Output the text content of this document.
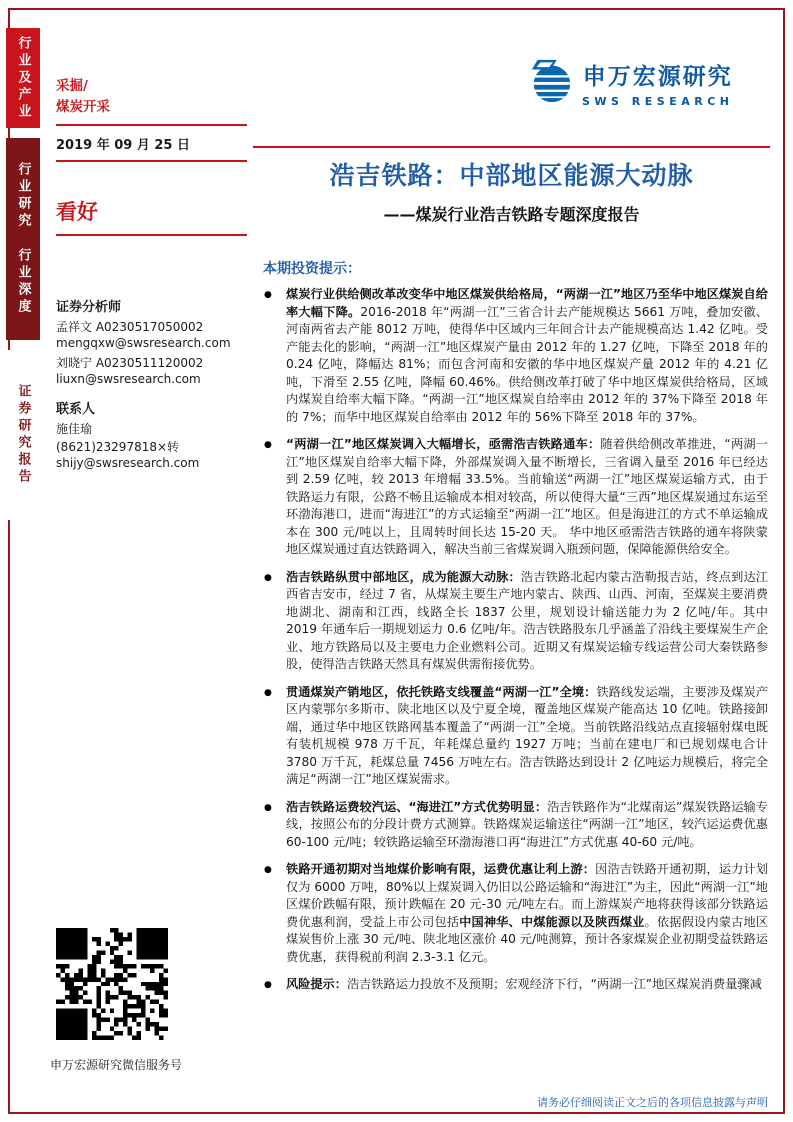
行业及产业
行业研究
行业深度
证券研究报告
采掘/
煤炭开采
2019 年 09 月 25 日
看好
证券分析师
孟祥文 A0230517050002
mengqxw@swsresearch.com
刘晓宁 A0230511120002
liuxn@swsresearch.com
联系人
施佳瑜
(8621)23297818×转
shijy@swsresearch.com
申万宏源研究微信服务号
申万宏源研究
SWS RESEARCH
浩吉铁路：中部地区能源大动脉
——煤炭行业浩吉铁路专题深度报告
本期投资提示：
●	煤炭行业供给侧改革改变华中地区煤炭供给格局，“两湖一江”地区乃至华中地区煤炭自给率大幅下降。2016-2018 年“两湖一江”三省合计去产能规模达 5661 万吨，叠加安徽、河南两省去产能 8012 万吨，使得华中区域内三年间合计去产能规模高达 1.42 亿吨。受产能去化的影响，“两湖一江”地区煤炭产量由 2012 年的 1.27 亿吨，下降至 2018 年的 0.24 亿吨，降幅达 81%；而包含河南和安徽的华中地区煤炭产量 2012 年的 4.21 亿吨，下滑至 2.55 亿吨，降幅 60.46%。供给侧改革打破了华中地区煤炭供给格局，区域内煤炭自给率大幅下降。“两湖一江”地区煤炭自给率由 2012 年的 37%下降至 2018 年的 7%；而华中地区煤炭自给率由 2012 年的 56%下降至 2018 年的 37%。
●	“两湖一江”地区煤炭调入大幅增长，亟需浩吉铁路通车：随着供给侧改革推进，“两湖一江”地区煤炭自给率大幅下降，外部煤炭调入量不断增长，三省调入量至 2016 年已经达到 2.59 亿吨，较 2013 年增幅 33.5%。当前输送“两湖一江”地区煤炭运输方式，由于铁路运力有限，公路不畅且运输成本相对较高，所以使得大量“三西”地区煤炭通过东运至环渤海港口，进而“海进江”的方式运输至“两湖一江”地区。但是海进江的方式不单运输成本在 300 元/吨以上，且周转时间长达 15-20 天。 华中地区亟需浩吉铁路的通车将陕蒙地区煤炭通过直达铁路调入，解决当前三省煤炭调入瓶颈问题，保障能源供给安全。
●	浩吉铁路纵贯中部地区，成为能源大动脉：浩吉铁路北起内蒙古浩勒报吉站，终点到达江西省吉安市，经过 7 省，从煤炭主要生产地内蒙古、陕西、山西、河南，至煤炭主要消费地湖北、湖南和江西，线路全长 1837 公里，规划设计输送能力为 2 亿吨/年。其中 2019 年通车后一期规划运力 0.6 亿吨/年。浩吉铁路股东几乎涵盖了沿线主要煤炭生产企业、地方铁路局以及主要电力企业燃料公司。近期又有煤炭运输专线运营公司大秦铁路参股，使得浩吉铁路天然具有煤炭供需衔接优势。
●	贯通煤炭产销地区，依托铁路支线覆盖“两湖一江”全境：铁路线发运端，主要涉及煤炭产区内蒙鄂尔多斯市、陕北地区以及宁夏全境，覆盖地区煤炭产能高达 10 亿吨。铁路接卸端，通过华中地区铁路网基本覆盖了“两湖一江”全境。当前铁路沿线站点直接辐射煤电既有装机规模 978 万千瓦，年耗煤总量约 1927 万吨；当前在建电厂和已规划煤电合计 3780 万千瓦，耗煤总量 7456 万吨左右。浩吉铁路达到设计 2 亿吨运力规模后，将完全满足“两湖一江”地区煤炭需求。
●	浩吉铁路运费较汽运、“海进江”方式优势明显：浩吉铁路作为“北煤南运”煤炭铁路运输专线，按照公布的分段计费方式测算。铁路煤炭运输送往“两湖一江”地区，较汽运运费优惠 60-100 元/吨；较铁路运输至环渤海港口再“海进江”方式优惠 40-60 元/吨。
●	铁路开通初期对当地煤价影响有限，运费优惠让利上游：因浩吉铁路开通初期，运力计划仅为 6000 万吨，80%以上煤炭调入仍旧以公路运输和“海进江”为主，因此“两湖一江”地区煤价跌幅有限，预计跌幅在 20 元-30 元/吨左右。而上游煤炭产地将获得该部分铁路运费优惠利润，受益上市公司包括中国神华、中煤能源以及陕西煤业。依据假设内蒙古地区煤炭售价上涨 30 元/吨、陕北地区涨价 40 元/吨测算，预计各家煤炭企业初期受益铁路运费优惠，获得税前利润 2.3-3.1 亿元。
●	风险提示：浩吉铁路运力投放不及预期；宏观经济下行，“两湖一江”地区煤炭消费量骤减
请务必仔细阅读正文之后的各项信息披露与声明
